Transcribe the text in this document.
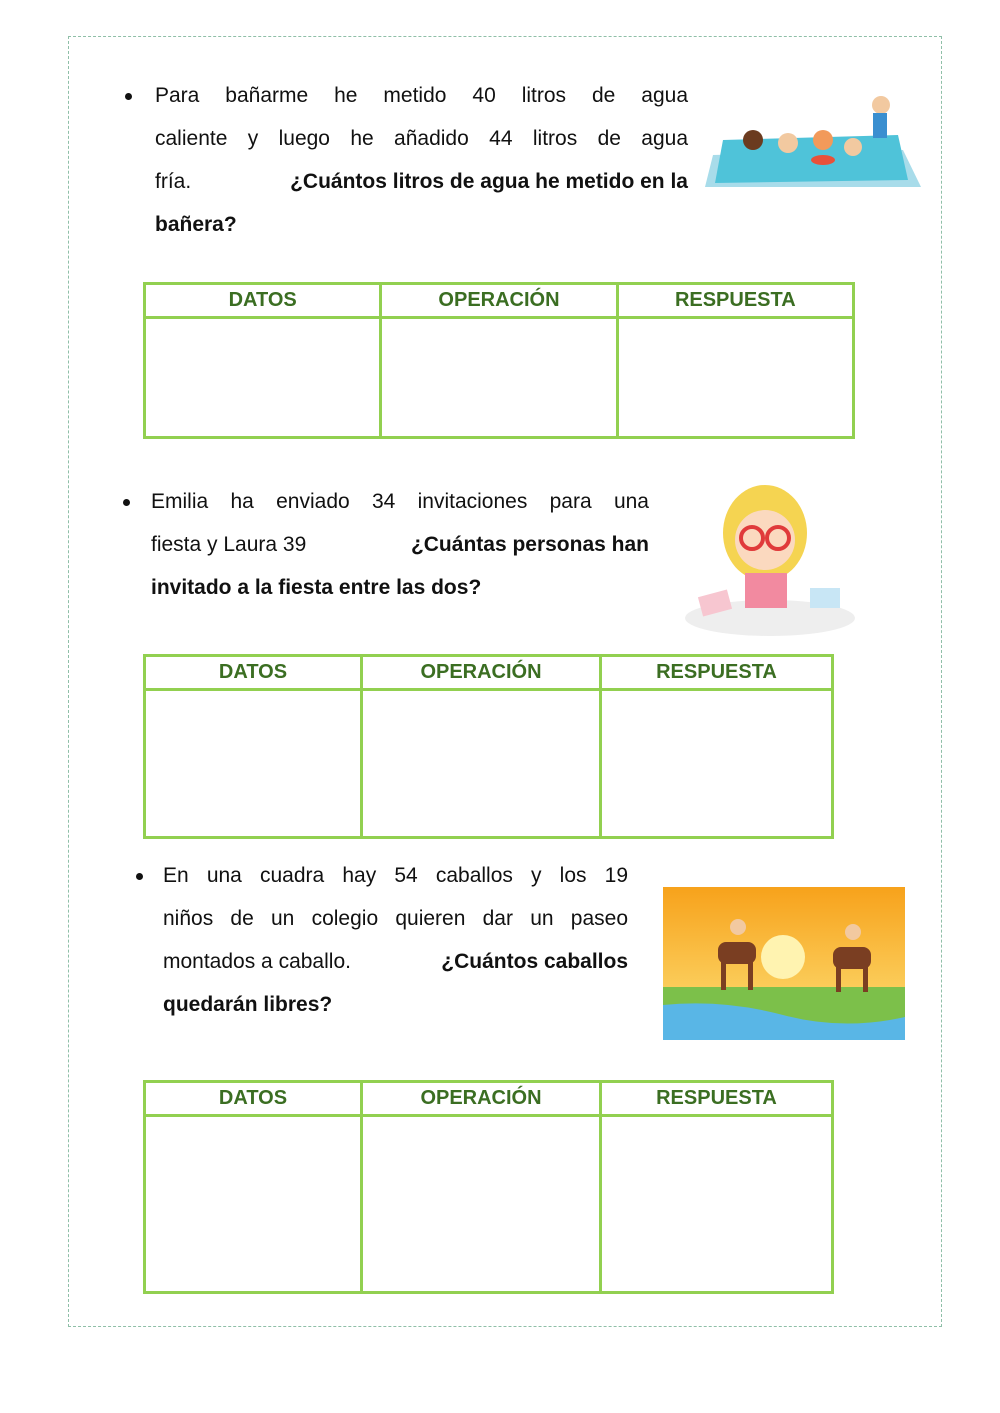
Para bañarme he metido 40 litros de agua
caliente y luego he añadido 44 litros de agua
fría.	¿Cuántos litros de agua he metido en la
bañera?
DATOS	OPERACIÓN	RESPUESTA

Emilia ha enviado 34 invitaciones para una
fiesta y Laura 39	¿Cuántas personas han
invitado a la fiesta entre las dos?
DATOS	OPERACIÓN	RESPUESTA

En una cuadra hay 54 caballos y los 19
niños de un colegio quieren dar un paseo
montados a caballo.	¿Cuántos caballos
quedarán libres?
DATOS	OPERACIÓN	RESPUESTA
